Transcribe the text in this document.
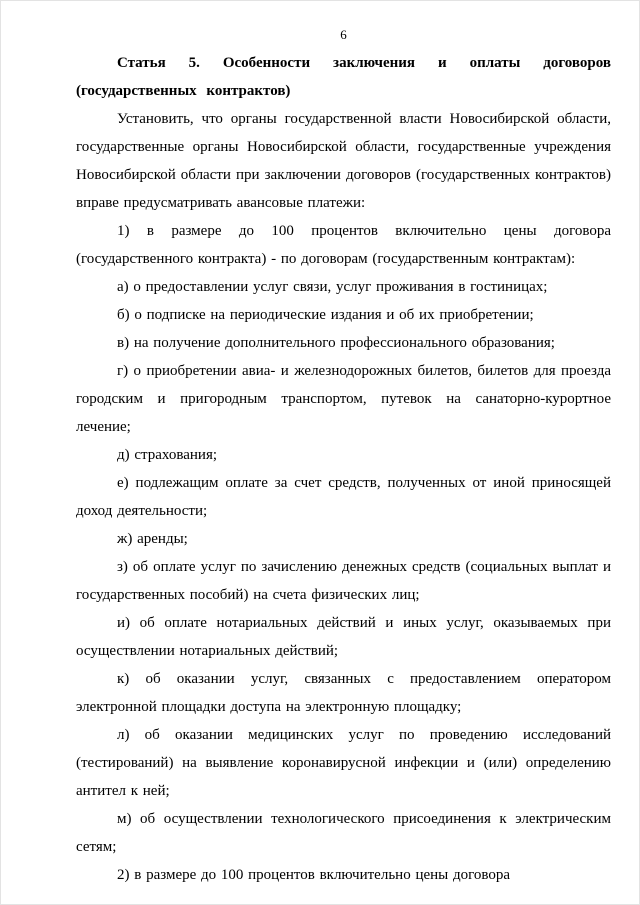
6

Статья 5. Особенности заключения и оплаты договоров (государственных контрактов)

Установить, что органы государственной власти Новосибирской области, государственные органы Новосибирской области, государственные учреждения Новосибирской области при заключении договоров (государственных контрактов) вправе предусматривать авансовые платежи:

1) в размере до 100 процентов включительно цены договора (государственного контракта) - по договорам (государственным контрактам):

а) о предоставлении услуг связи, услуг проживания в гостиницах;

б) о подписке на периодические издания и об их приобретении;

в) на получение дополнительного профессионального образования;

г) о приобретении авиа- и железнодорожных билетов, билетов для проезда городским и пригородным транспортом, путевок на санаторно-курортное лечение;

д) страхования;

е) подлежащим оплате за счет средств, полученных от иной приносящей доход деятельности;

ж) аренды;

з) об оплате услуг по зачислению денежных средств (социальных выплат и государственных пособий) на счета физических лиц;

и) об оплате нотариальных действий и иных услуг, оказываемых при осуществлении нотариальных действий;

к) об оказании услуг, связанных с предоставлением оператором электронной площадки доступа на электронную площадку;

л) об оказании медицинских услуг по проведению исследований (тестирований) на выявление коронавирусной инфекции и (или) определению антител к ней;

м) об осуществлении технологического присоединения к электрическим сетям;

2) в размере до 100 процентов включительно цены договора
